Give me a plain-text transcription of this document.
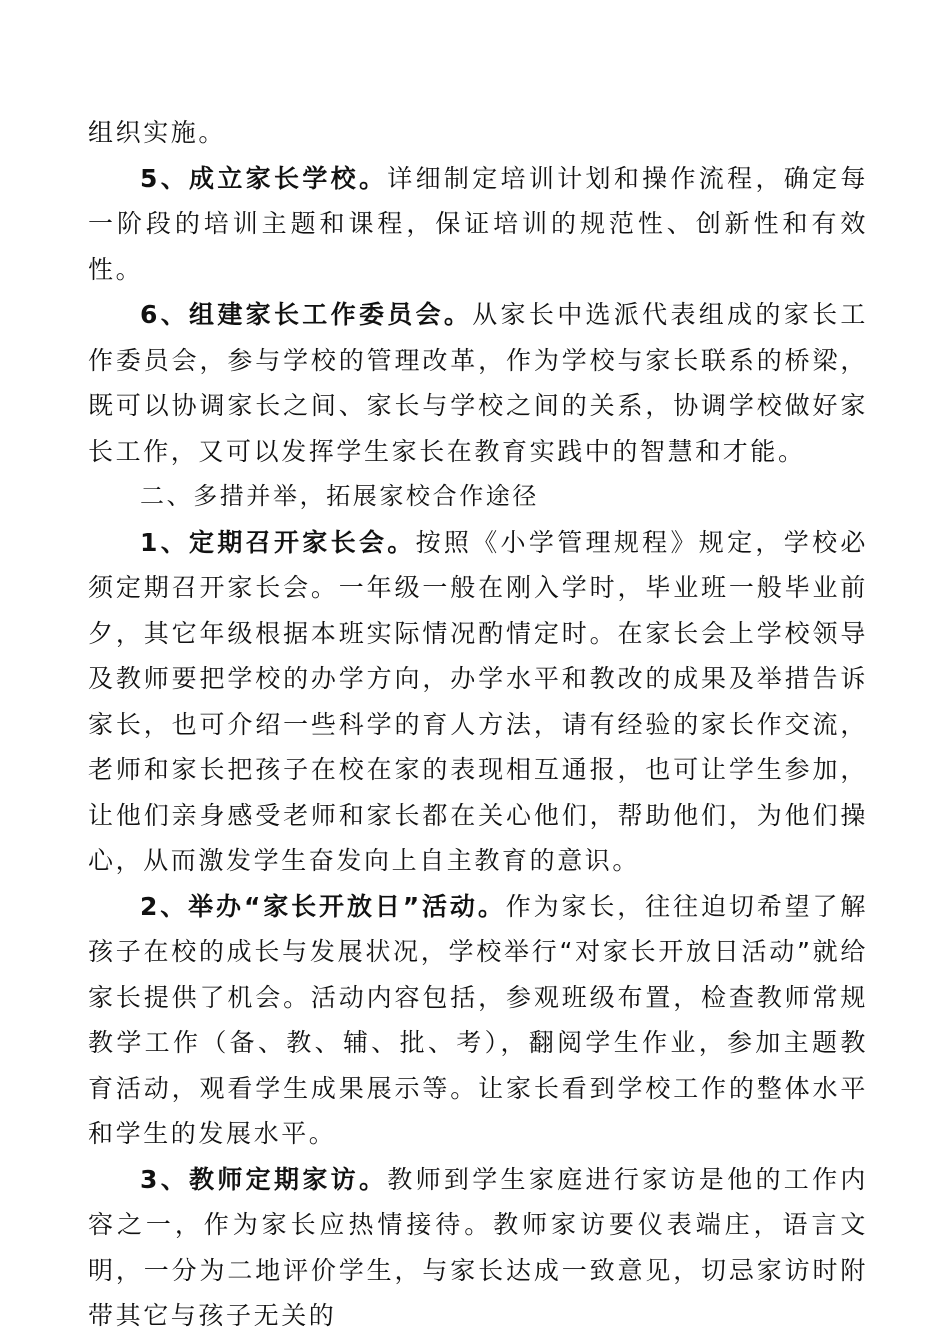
组织实施。

5、成立家长学校。详细制定培训计划和操作流程，确定每一阶段的培训主题和课程，保证培训的规范性、创新性和有效性。

6、组建家长工作委员会。从家长中选派代表组成的家长工作委员会，参与学校的管理改革，作为学校与家长联系的桥梁，既可以协调家长之间、家长与学校之间的关系，协调学校做好家长工作，又可以发挥学生家长在教育实践中的智慧和才能。

二、多措并举，拓展家校合作途径

1、定期召开家长会。按照《小学管理规程》规定，学校必须定期召开家长会。一年级一般在刚入学时，毕业班一般毕业前夕，其它年级根据本班实际情况酌情定时。在家长会上学校领导及教师要把学校的办学方向，办学水平和教改的成果及举措告诉家长，也可介绍一些科学的育人方法，请有经验的家长作交流，老师和家长把孩子在校在家的表现相互通报，也可让学生参加，让他们亲身感受老师和家长都在关心他们，帮助他们，为他们操心，从而激发学生奋发向上自主教育的意识。

2、举办“家长开放日”活动。作为家长，往往迫切希望了解孩子在校的成长与发展状况，学校举行“对家长开放日活动”就给家长提供了机会。活动内容包括，参观班级布置，检查教师常规教学工作（备、教、辅、批、考），翻阅学生作业，参加主题教育活动，观看学生成果展示等。让家长看到学校工作的整体水平和学生的发展水平。

3、教师定期家访。教师到学生家庭进行家访是他的工作内容之一，作为家长应热情接待。教师家访要仪表端庄，语言文明，一分为二地评价学生，与家长达成一致意见，切忌家访时附带其它与孩子无关的
